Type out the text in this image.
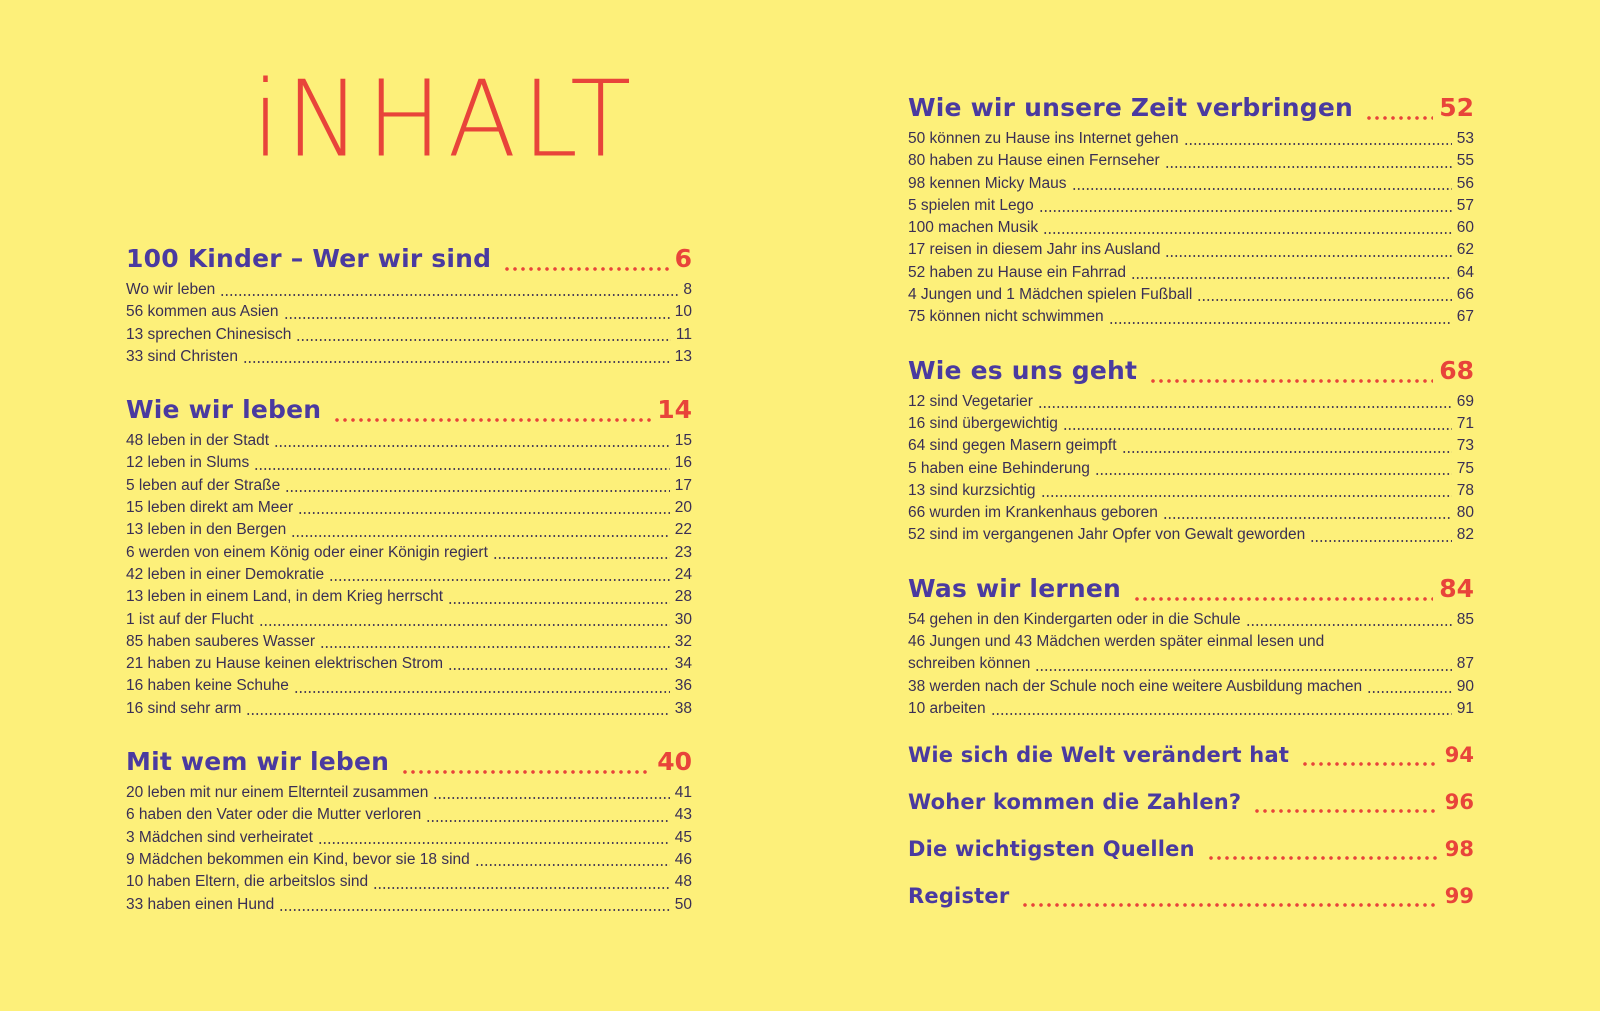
iNHALT
100 Kinder – Wer wir sind	6
Wo wir leben	8
56 kommen aus Asien	10
13 sprechen Chinesisch	11
33 sind Christen	13
Wie wir leben	14
48 leben in der Stadt	15
12 leben in Slums	16
5 leben auf der Straße	17
15 leben direkt am Meer	20
13 leben in den Bergen	22
6 werden von einem König oder einer Königin regiert	23
42 leben in einer Demokratie	24
13 leben in einem Land, in dem Krieg herrscht	28
1 ist auf der Flucht	30
85 haben sauberes Wasser	32
21 haben zu Hause keinen elektrischen Strom	34
16 haben keine Schuhe	36
16 sind sehr arm	38
Mit wem wir leben	40
20 leben mit nur einem Elternteil zusammen	41
6 haben den Vater oder die Mutter verloren	43
3 Mädchen sind verheiratet	45
9 Mädchen bekommen ein Kind, bevor sie 18 sind	46
10 haben Eltern, die arbeitslos sind	48
33 haben einen Hund	50
Wie wir unsere Zeit verbringen	52
50 können zu Hause ins Internet gehen	53
80 haben zu Hause einen Fernseher	55
98 kennen Micky Maus	56
5 spielen mit Lego	57
100 machen Musik	60
17 reisen in diesem Jahr ins Ausland	62
52 haben zu Hause ein Fahrrad	64
4 Jungen und 1 Mädchen spielen Fußball	66
75 können nicht schwimmen	67
Wie es uns geht	68
12 sind Vegetarier	69
16 sind übergewichtig	71
64 sind gegen Masern geimpft	73
5 haben eine Behinderung	75
13 sind kurzsichtig	78
66 wurden im Krankenhaus geboren	80
52 sind im vergangenen Jahr Opfer von Gewalt geworden	82
Was wir lernen	84
54 gehen in den Kindergarten oder in die Schule	85
46 Jungen und 43 Mädchen werden später einmal lesen und
schreiben können	87
38 werden nach der Schule noch eine weitere Ausbildung machen	90
10 arbeiten	91
Wie sich die Welt verändert hat	94
Woher kommen die Zahlen?	96
Die wichtigsten Quellen	98
Register	99
